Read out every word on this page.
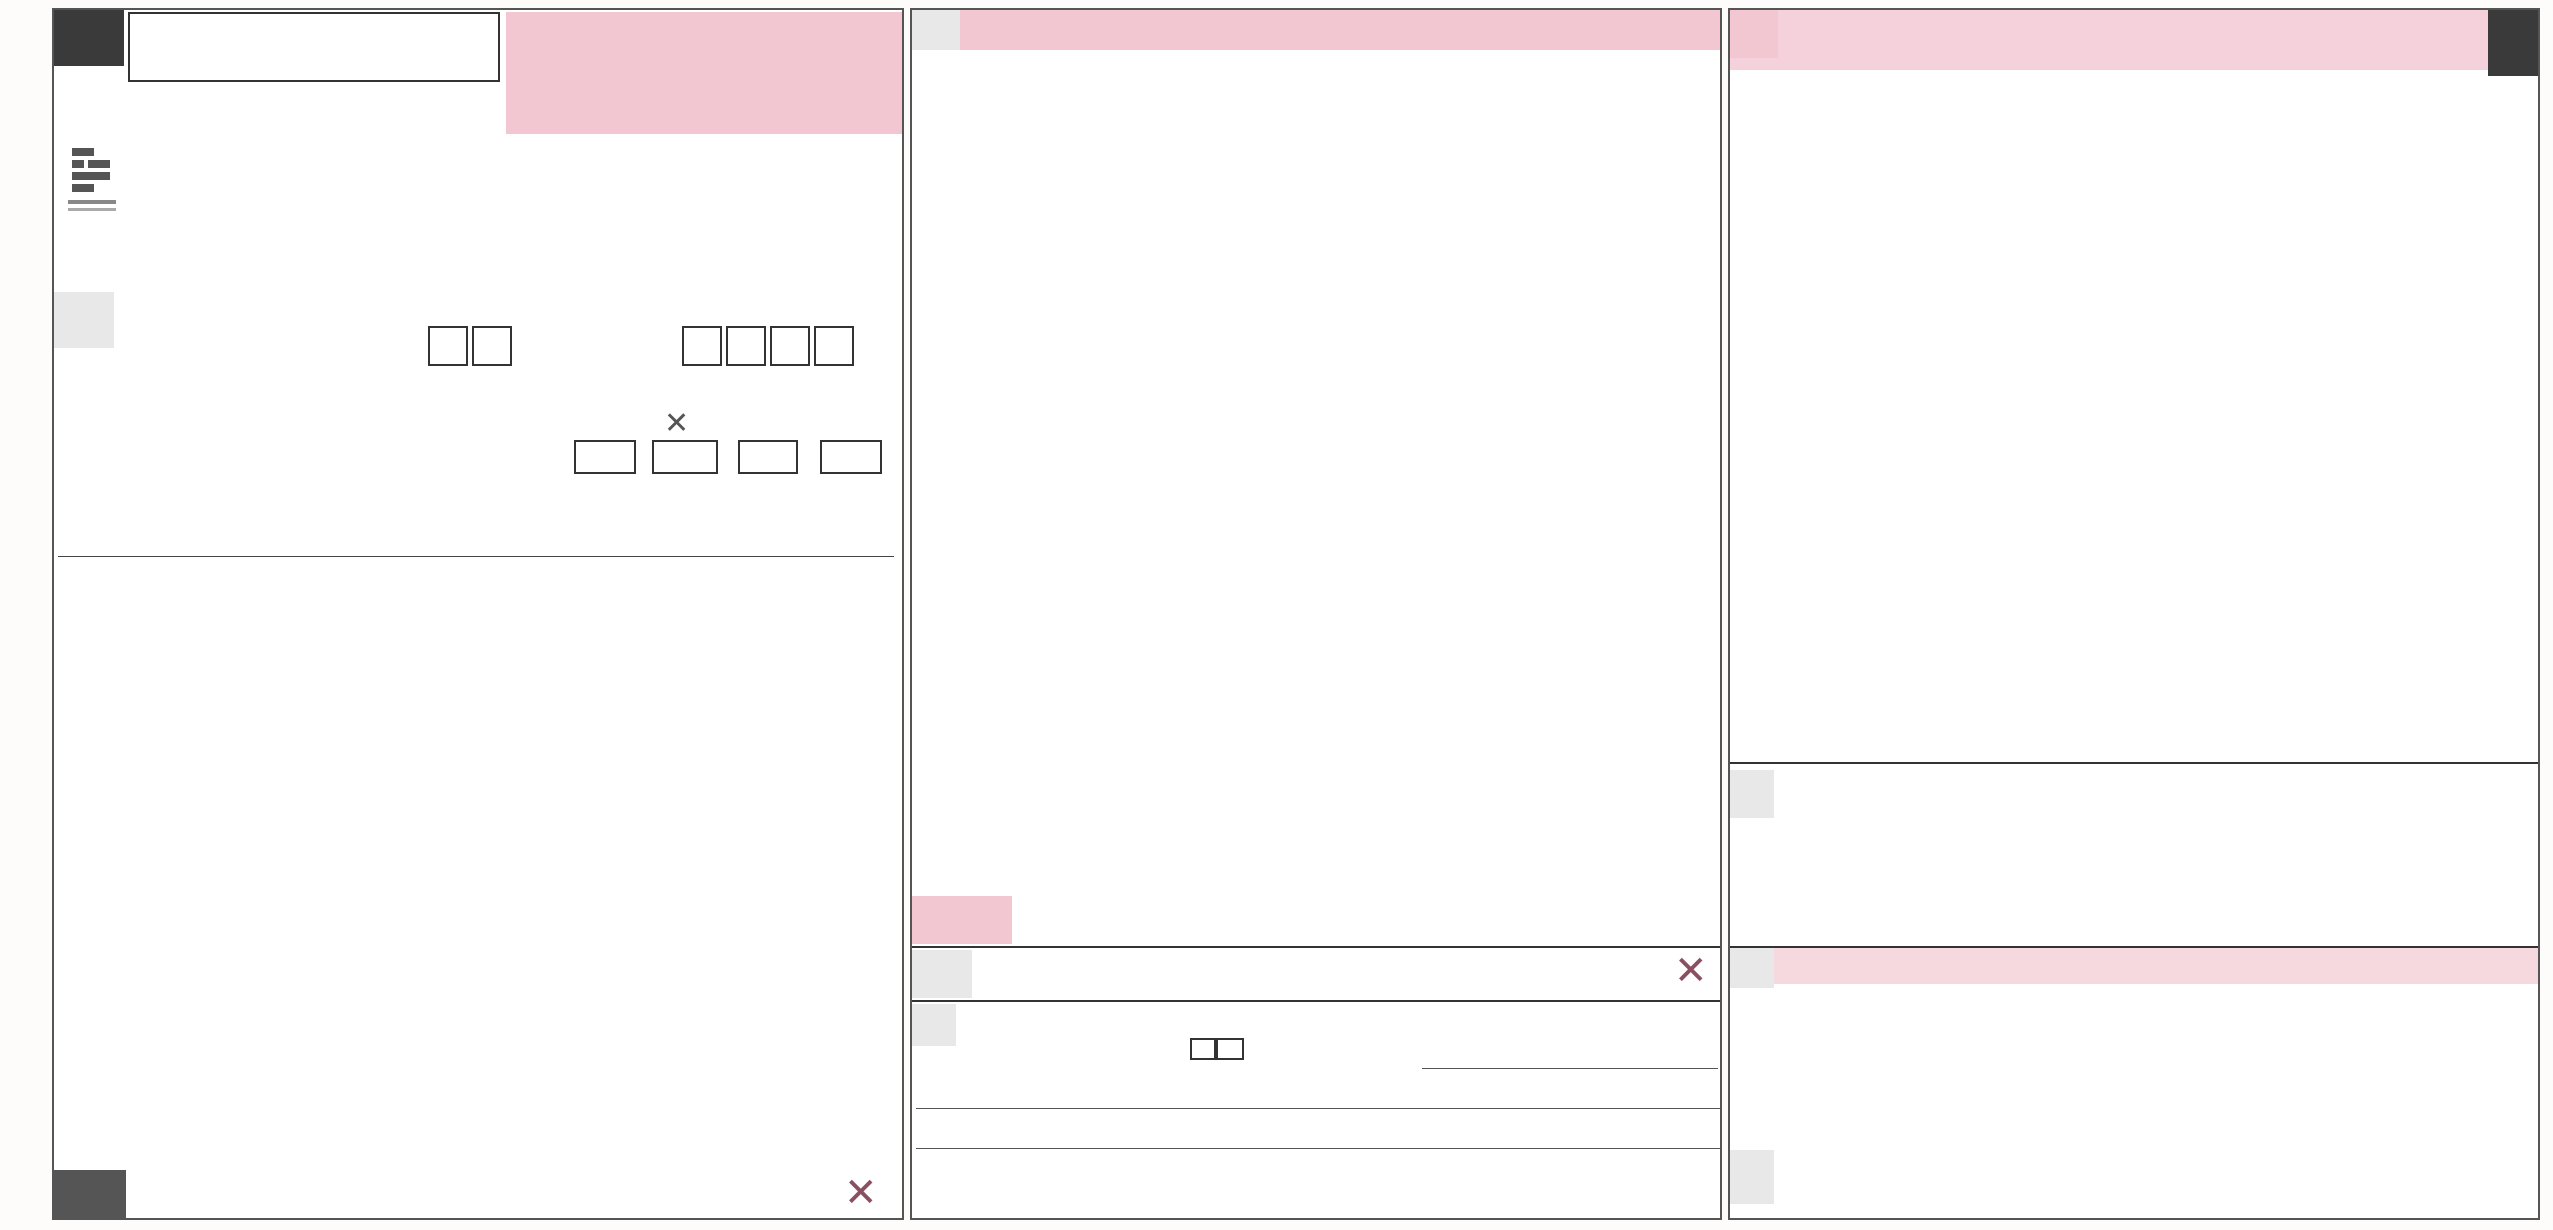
✕
✕
✕
